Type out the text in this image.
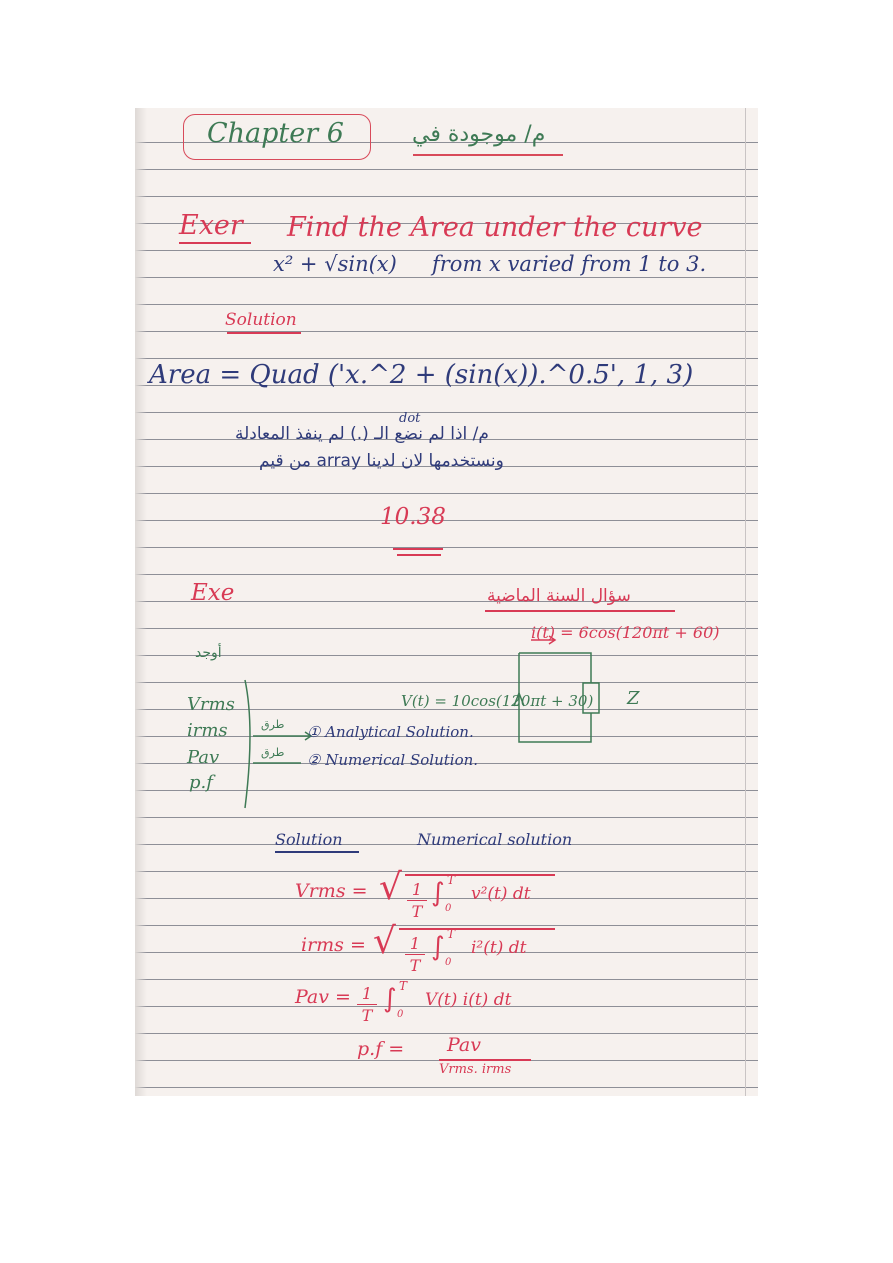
Chapter 6	م/ موجودة في
Exer Find the Area under the curve
x² + √sin(x) from x varied from 1 to 3.
Solution
Area = Quad ('x.^2 + (sin(x)).^0.5', 1, 3)
dot
م/ اذا لم نضع الـ (.) لم ينفذ المعادلة
ونستخدمها لان لدينا array من قيم
10.38
Exe	سؤال السنة الماضية
i(t) = 6cos(120πt + 60)
أوجد
V(t) = 10cos(120πt + 30) Z
Vrms
irms
Pav
p.f
طرق
طرق
① Analytical Solution.
② Numerical Solution.
Solution	Numerical solution
Vrms = √ 1
T
∫ T
0
v²(t) dt
irms = √ 1
T
∫ T
0
i²(t) dt
Pav = 1
T
∫ T
0
V(t) i(t) dt
p.f = Pav
Vrms. irms
